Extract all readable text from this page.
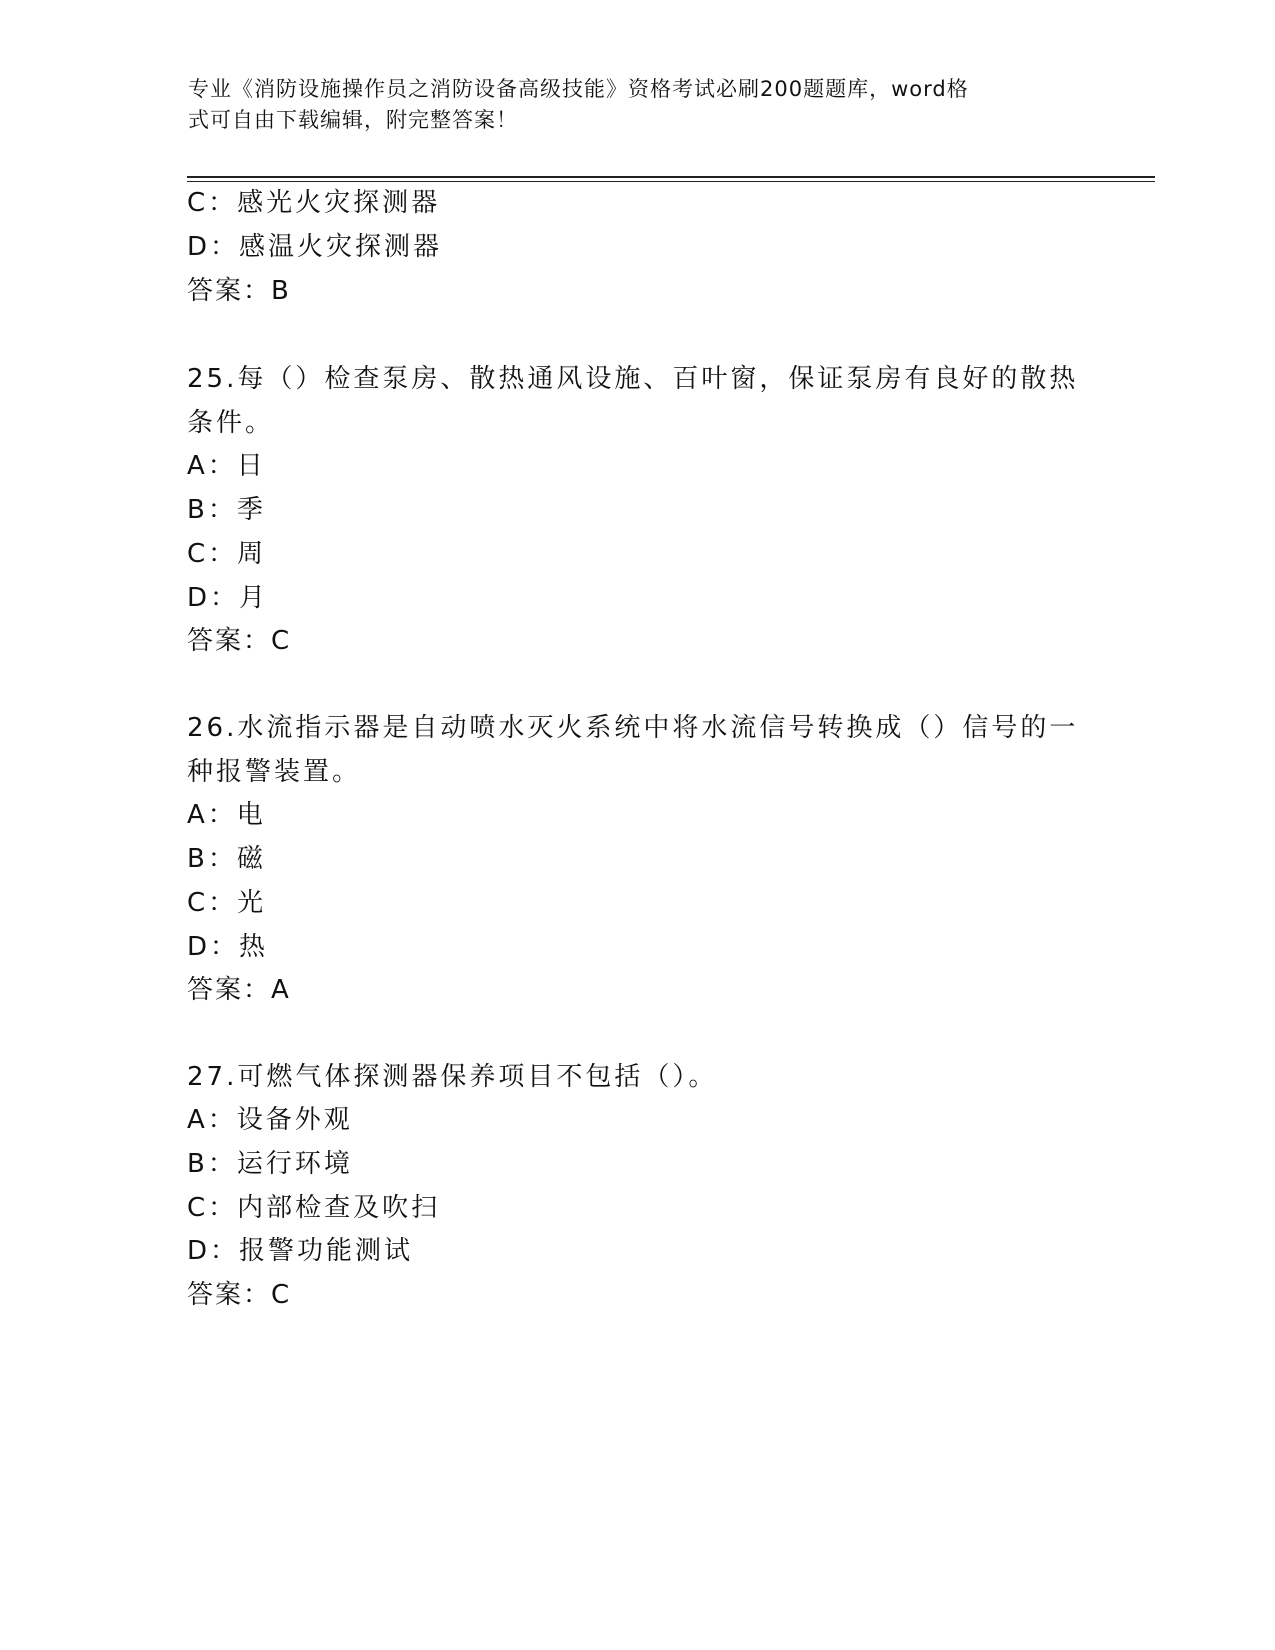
专业《消防设施操作员之消防设备高级技能》资格考试必刷200题题库，word格
式可自由下载编辑，附完整答案！
C：感光火灾探测器
D：感温火灾探测器
答案：B
25.每（）检查泵房、散热通风设施、百叶窗，保证泵房有良好的散热
条件。
A：日
B：季
C：周
D：月
答案：C
26.水流指示器是自动喷水灭火系统中将水流信号转换成（）信号的一
种报警装置。
A：电
B：磁
C：光
D：热
答案：A
27.可燃气体探测器保养项目不包括（）。
A：设备外观
B：运行环境
C：内部检查及吹扫
D：报警功能测试
答案：C
